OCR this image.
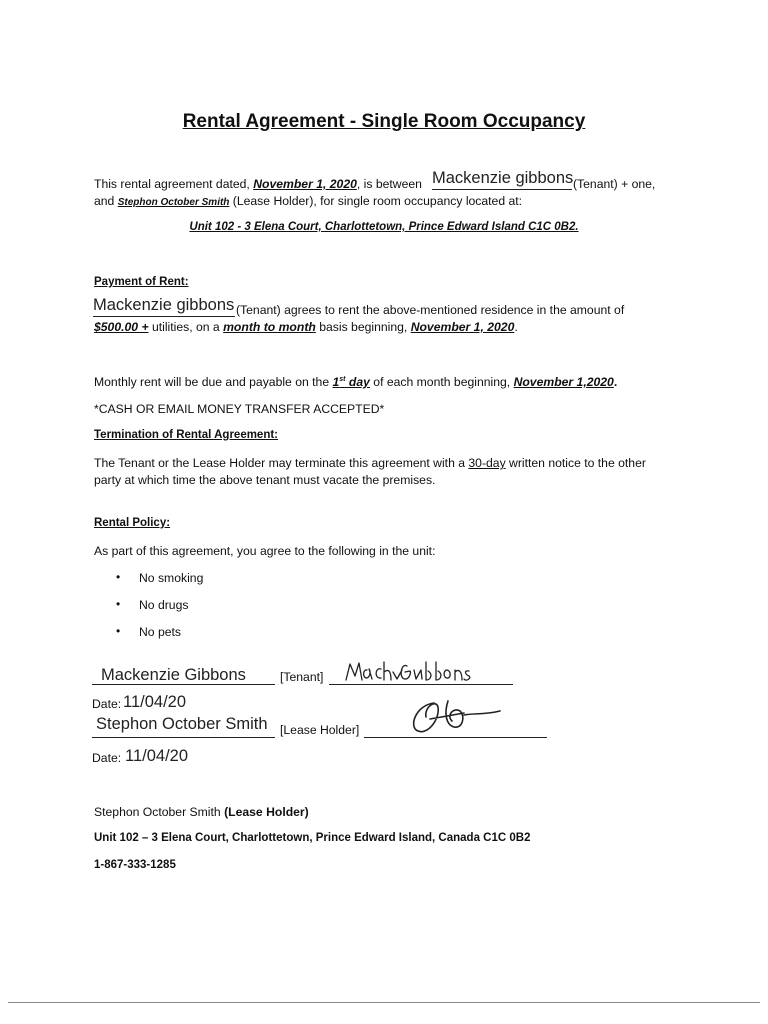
Rental Agreement - Single Room Occupancy
This rental agreement dated, November 1, 2020, is between Mackenzie gibbons (Tenant) + one,
and Stephon October Smith (Lease Holder), for single room occupancy located at:
Unit 102 - 3 Elena Court, Charlottetown, Prince Edward Island C1C 0B2.
Payment of Rent:
Mackenzie gibbons (Tenant) agrees to rent the above-mentioned residence in the amount of
$500.00 + utilities, on a month to month basis beginning, November 1, 2020.
Monthly rent will be due and payable on the 1st day of each month beginning, November 1,2020.
*CASH OR EMAIL MONEY TRANSFER ACCEPTED*
Termination of Rental Agreement:
The Tenant or the Lease Holder may terminate this agreement with a 30-day written notice to the other
party at which time the above tenant must vacate the premises.
Rental Policy:
As part of this agreement, you agree to the following in the unit:
• No smoking
• No drugs
• No pets
Mackenzie Gibbons	[Tenant]
Date: 11/04/20
Stephon October Smith [Lease Holder]
Date: 11/04/20
Stephon October Smith (Lease Holder)
Unit 102 – 3 Elena Court, Charlottetown, Prince Edward Island, Canada C1C 0B2
1-867-333-1285
